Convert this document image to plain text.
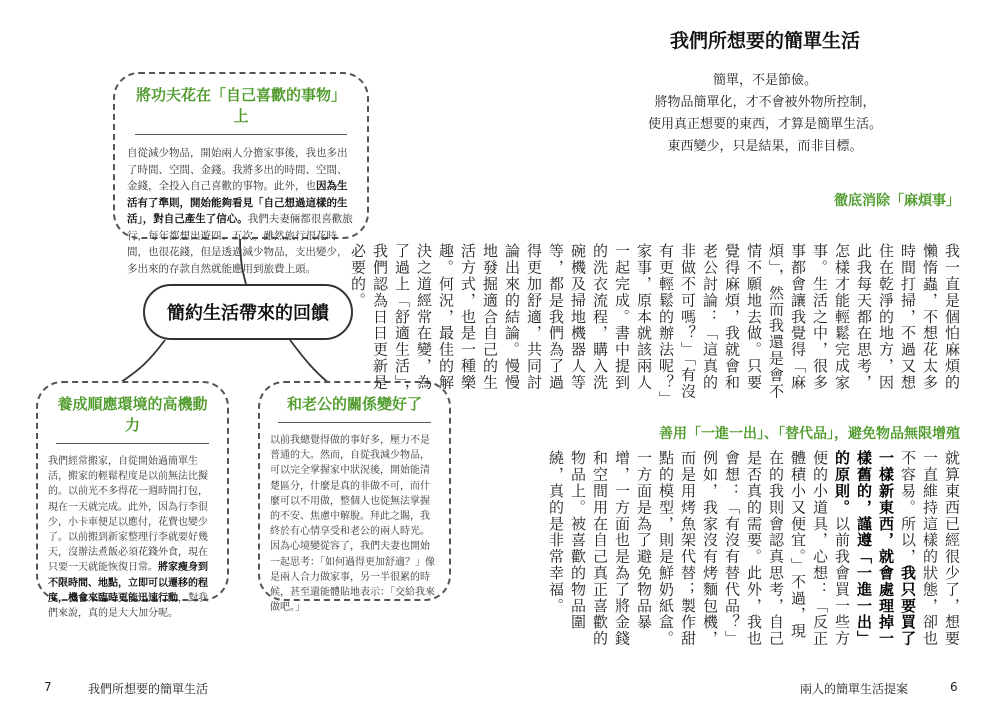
將功夫花在「自己喜歡的事物」上
自從減少物品，開始兩人分擔家事後，我也多出了時間、空間、金錢。我將多出的時間、空間、金錢，全投入自己喜歡的事物。此外，也因為生活有了準則，開始能夠看見「自己想過這樣的生活」，對自己產生了信心。我們夫妻倆都很喜歡旅行，每年都想出遊四、五次。雖然旅行很花時間，也很花錢，但是透過減少物品，支出變少，多出來的存款自然就能應用到旅費上頭。
簡約生活帶來的回饋
養成順應環境的高機動力
我們經常搬家，自從開始過簡單生活，搬家的輕鬆程度是以前無法比擬的。以前光不多得花一週時間打包，現在一天就完成。此外，因為行李很少，小卡車便足以應付，花費也變少了。以前搬到新家整理行李就要好幾天，沒辦法煮飯必須花錢外食，現在只要一天就能恢復日常。將家瘦身到不限時間、地點，立即可以遷移的程度，機會來臨時更能迅速行動，對我們來說，真的是大大加分呢。
和老公的關係變好了
以前我總覺得做的事好多，壓力不是普通的大。然而，自從我減少物品，可以完全掌握家中狀況後，開始能清楚區分，什麼是真的非做不可，而什麼可以不用做，整個人也從無法掌握的不安、焦慮中解脫。拜此之賜，我終於有心情享受和老公的兩人時光。因為心境變從容了，我們夫妻也開始一起思考：「如何過得更加舒適？」像是兩人合力做家事，另一半很累的時候，甚至還能體貼地表示：「交給我來做吧。」
7	我們所想要的簡單生活
我們所想要的簡單生活
簡單，不是節儉。
將物品簡單化，才不會被外物所控制，
使用真正想要的東西，才算是簡單生活。
東西變少，只是結果，而非目標。
徹底消除「麻煩事」
我一直是個怕麻煩的懶惰蟲，不想花太多時間打掃，不過又想住在乾淨的地方，因此我每天都在思考，怎樣才能輕鬆完成家事。生活之中，很多事都會讓我覺得「麻煩」，然而我還是會不情不願地去做。只要覺得麻煩，我就會和老公討論：「這真的非做不可嗎？」「有沒有更輕鬆的辦法呢？」家事，原本就該兩人一起完成。書中提到的洗衣流程，購入洗碗機及掃地機器人等等，都是我們為了過得更加舒適，共同討論出來的結論。慢慢地發掘適合自己的生活方式，也是一種樂趣。何況，最佳的解決之道經常在變，為了過上「舒適生活」，我們認為日日更新是必要的。
善用「一進一出」、「替代品」，避免物品無限增殖
就算東西已經很少了，想要一直維持這樣的狀態，卻也不容易。所以，我只要買了一樣新東西，就會處理掉一樣舊的，謹遵「一進一出」的原則。以前我會買一些方便的小道具，心想：「反正體積小又便宜。」不過，現在的我則會認真思考，自己是否真的需要。此外，我也會想：「有沒有替代品？」例如，我家沒有烤麵包機，而是用烤魚架代替；製作甜點的模型，則是鮮奶紙盒。一方面是為了避免物品暴增，一方面也是為了將金錢和空間用在自己真正喜歡的物品上。被喜歡的物品圍繞，真的是非常幸福。
兩人的簡單生活提案	6
